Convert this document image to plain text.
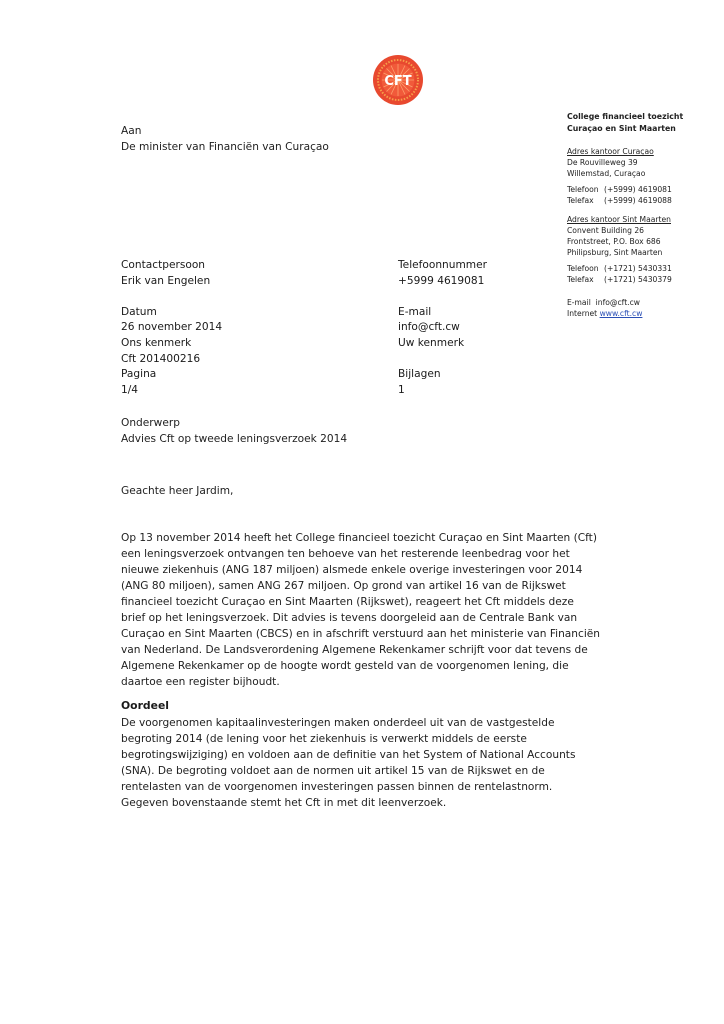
CFT
College financieel toezicht
Curaçao en Sint Maarten
Adres kantoor Curaçao
De Rouvilleweg 39
Willemstad, Curaçao
Telefoon (+5999) 4619081
Telefax	(+5999) 4619088
Adres kantoor Sint Maarten
Convent Building 26
Frontstreet, P.O. Box 686
Philipsburg, Sint Maarten
Telefoon (+1721) 5430331
Telefax	(+1721) 5430379
E-mail info@cft.cw
Internet www.cft.cw
Aan
De minister van Financiën van Curaçao
Contactpersoon	Telefoonnummer
Erik van Engelen	+5999 4619081
Datum	E-mail
26 november 2014	info@cft.cw
Ons kenmerk	Uw kenmerk
Cft 201400216
Pagina	Bijlagen
1/4	1
Onderwerp
Advies Cft op tweede leningsverzoek 2014
Geachte heer Jardim,

Op 13 november 2014 heeft het College financieel toezicht Curaçao en Sint Maarten (Cft) een leningsverzoek ontvangen ten behoeve van het resterende leenbedrag voor het nieuwe ziekenhuis (ANG 187 miljoen) alsmede enkele overige investeringen voor 2014 (ANG 80 miljoen), samen ANG 267 miljoen. Op grond van artikel 16 van de Rijkswet financieel toezicht Curaçao en Sint Maarten (Rijkswet), reageert het Cft middels deze brief op het leningsverzoek. Dit advies is tevens doorgeleid aan de Centrale Bank van Curaçao en Sint Maarten (CBCS) en in afschrift verstuurd aan het ministerie van Financiën van Nederland. De Landsverordening Algemene Rekenkamer schrijft voor dat tevens de Algemene Rekenkamer op de hoogte wordt gesteld van de voorgenomen lening, die daartoe een register bijhoudt.

Oordeel

De voorgenomen kapitaalinvesteringen maken onderdeel uit van de vastgestelde begroting 2014 (de lening voor het ziekenhuis is verwerkt middels de eerste begrotingswijziging) en voldoen aan de definitie van het System of National Accounts (SNA). De begroting voldoet aan de normen uit artikel 15 van de Rijkswet en de rentelasten van de voorgenomen investeringen passen binnen de rentelastnorm. Gegeven bovenstaande stemt het Cft in met dit leenverzoek.
